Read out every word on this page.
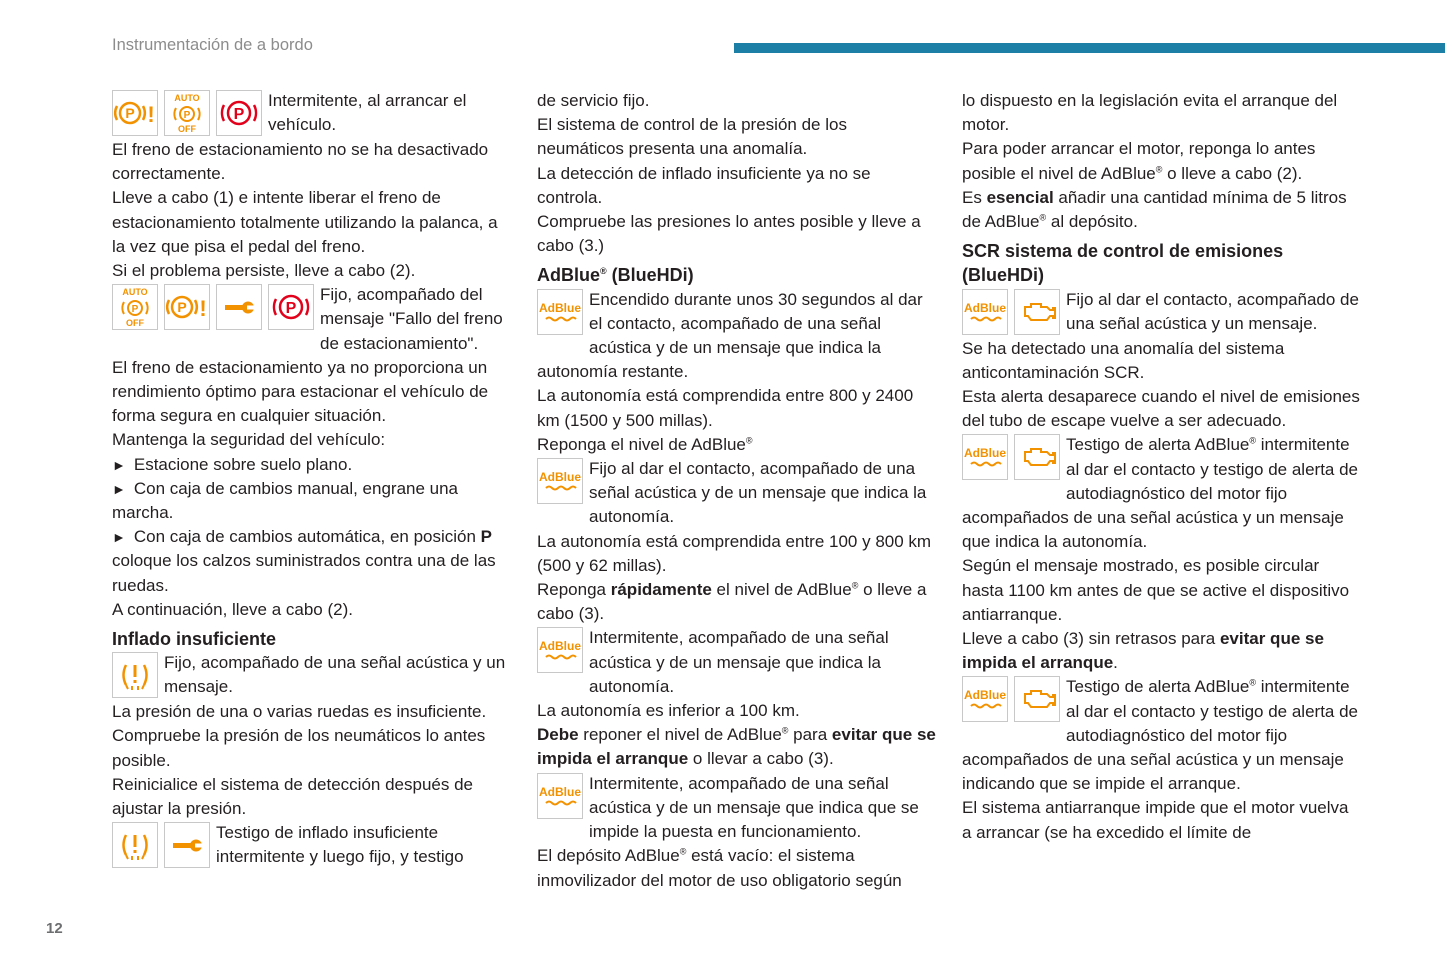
Instrumentación de a bordo
12
P !
AUTO
P
OFF
P

Intermitente, al arrancar el vehículo.

El freno de estacionamiento no se ha desactivado correctamente.

Lleve a cabo (1) e intente liberar el freno de estacionamiento totalmente utilizando la palanca, a la vez que pisa el pedal del freno.

Si el problema persiste, lleve a cabo (2).

AUTO
P
OFF
P !	P

Fijo, acompañado del mensaje "Fallo del freno de estacionamiento".

El freno de estacionamiento ya no proporciona un rendimiento óptimo para estacionar el vehículo de forma segura en cualquier situación.

Mantenga la seguridad del vehículo:

► Estacione sobre suelo plano.

► Con caja de cambios manual, engrane una marcha.

► Con caja de cambios automática, en posición P coloque los calzos suministrados contra una de las ruedas.

A continuación, lleve a cabo (2).

Inflado insuficiente

Fijo, acompañado de una señal acústica y un mensaje.

La presión de una o varias ruedas es insuficiente.

Compruebe la presión de los neumáticos lo antes posible.

Reinicialice el sistema de detección después de ajustar la presión.

Testigo de inflado insuficiente intermitente y luego fijo, y testigo

de servicio fijo.

El sistema de control de la presión de los neumáticos presenta una anomalía.

La detección de inflado insuficiente ya no se controla.

Compruebe las presiones lo antes posible y lleve a cabo (3.)

AdBlue® (BlueHDi)

AdBlue Encendido durante unos 30 segundos al dar el contacto, acompañado de una señal acústica y de un mensaje que indica la autonomía restante.

La autonomía está comprendida entre 800 y 2400 km (1500 y 500 millas).

Reponga el nivel de AdBlue®

AdBlue Fijo al dar el contacto, acompañado de una señal acústica y de un mensaje que indica la autonomía.

La autonomía está comprendida entre 100 y 800 km (500 y 62 millas).

Reponga rápidamente el nivel de AdBlue® o lleve a cabo (3).

AdBlue Intermitente, acompañado de una señal acústica y de un mensaje que indica la autonomía.

La autonomía es inferior a 100 km.

Debe reponer el nivel de AdBlue® para evitar que se impida el arranque o llevar a cabo (3).

AdBlue Intermitente, acompañado de una señal acústica y de un mensaje que indica que se impide la puesta en funcionamiento.

El depósito AdBlue® está vacío: el sistema inmovilizador del motor de uso obligatorio según

lo dispuesto en la legislación evita el arranque del motor.

Para poder arrancar el motor, reponga lo antes posible el nivel de AdBlue® o lleve a cabo (2).

Es esencial añadir una cantidad mínima de 5 litros de AdBlue® al depósito.

SCR sistema de control de emisiones (BlueHDi)

AdBlue	Fijo al dar el contacto, acompañado de una señal acústica y un mensaje.

Se ha detectado una anomalía del sistema anticontaminación SCR.

Esta alerta desaparece cuando el nivel de emisiones del tubo de escape vuelve a ser adecuado.

AdBlue	Testigo de alerta AdBlue® intermitente al dar el contacto y testigo de alerta de autodiagnóstico del motor fijo acompañados de una señal acústica y un mensaje que indica la autonomía.

Según el mensaje mostrado, es posible circular hasta 1100 km antes de que se active el dispositivo antiarranque.

Lleve a cabo (3) sin retrasos para evitar que se impida el arranque.

AdBlue	Testigo de alerta AdBlue® intermitente al dar el contacto y testigo de alerta de autodiagnóstico del motor fijo acompañados de una señal acústica y un mensaje indicando que se impide el arranque.

El sistema antiarranque impide que el motor vuelva a arrancar (se ha excedido el límite de
